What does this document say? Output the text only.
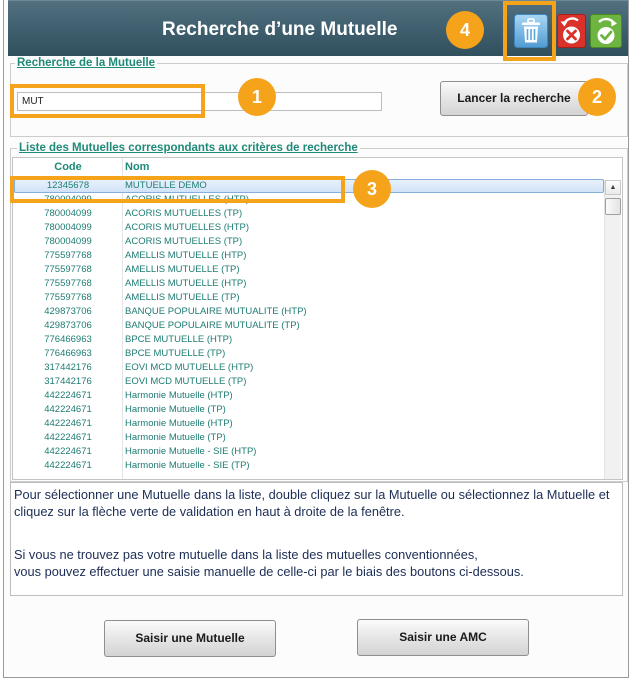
Recherche d’une Mutuelle
Recherche de la Mutuelle
MUT
Lancer la recherche
Liste des Mutuelles correspondants aux critères de recherche
Code	Nom
12345678	MUTUELLE DEMO
780004099	ACORIS MUTUELLES (HTP)
780004099	ACORIS MUTUELLES (TP)
780004099	ACORIS MUTUELLES (HTP)
780004099	ACORIS MUTUELLES (TP)
775597768	AMELLIS MUTUELLE (HTP)
775597768	AMELLIS MUTUELLE (TP)
775597768	AMELLIS MUTUELLE (HTP)
775597768	AMELLIS MUTUELLE (TP)
429873706	BANQUE POPULAIRE MUTUALITE (HTP)
429873706	BANQUE POPULAIRE MUTUALITE (TP)
776466963	BPCE MUTUELLE (HTP)
776466963	BPCE MUTUELLE (TP)
317442176	EOVI MCD MUTUELLE (HTP)
317442176	EOVI MCD MUTUELLE (TP)
442224671	Harmonie Mutuelle (HTP)
442224671	Harmonie Mutuelle (TP)
442224671	Harmonie Mutuelle (HTP)
442224671	Harmonie Mutuelle (TP)
442224671	Harmonie Mutuelle - SIE (HTP)
442224671	Harmonie Mutuelle - SIE (TP)
▲
Pour sélectionner une Mutuelle dans la liste, double cliquez sur la Mutuelle ou sélectionnez la Mutuelle et
cliquez sur la flèche verte de validation en haut à droite de la fenêtre.
Si vous ne trouvez pas votre mutuelle dans la liste des mutuelles conventionnées,
vous pouvez effectuer une saisie manuelle de celle-ci par le biais des boutons ci-dessous.
Saisir une Mutuelle	Saisir une AMC
1	2
3
4
